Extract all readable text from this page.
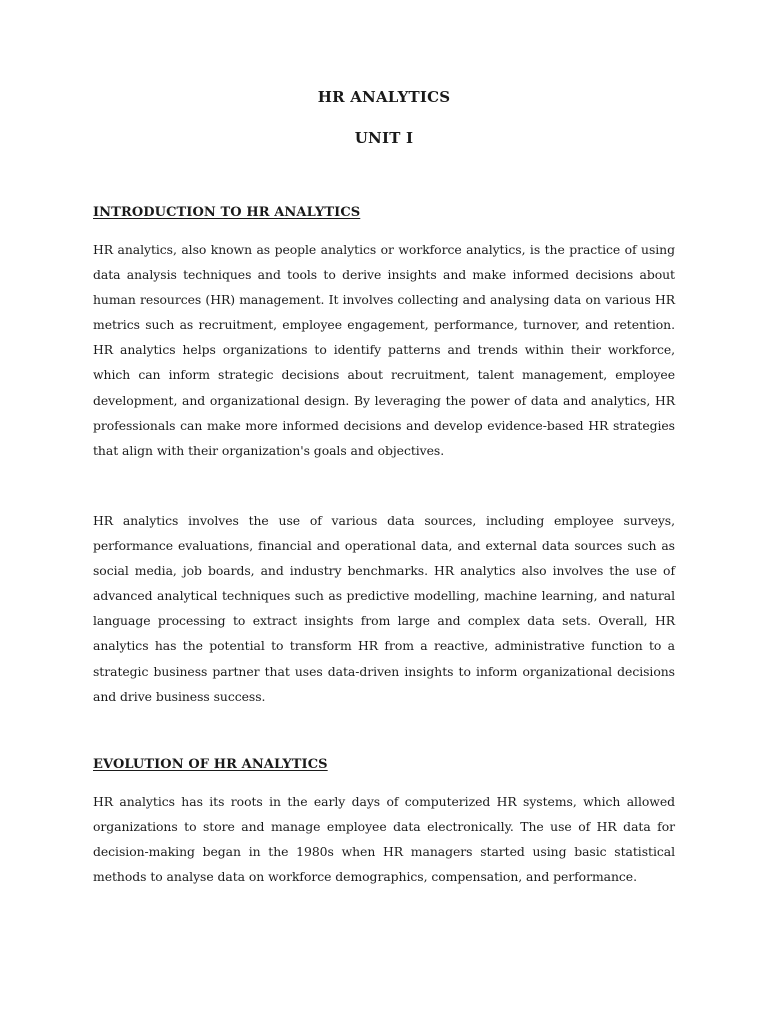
HR ANALYTICS
UNIT I
INTRODUCTION TO HR ANALYTICS

HR analytics, also known as people analytics or workforce analytics, is the practice of using data analysis techniques and tools to derive insights and make informed decisions about human resources (HR) management. It involves collecting and analysing data on various HR metrics such as recruitment, employee engagement, performance, turnover, and retention. HR analytics helps organizations to identify patterns and trends within their workforce, which can inform strategic decisions about recruitment, talent management, employee development, and organizational design. By leveraging the power of data and analytics, HR professionals can make more informed decisions and develop evidence-based HR strategies that align with their organization's goals and objectives.

HR analytics involves the use of various data sources, including employee surveys, performance evaluations, financial and operational data, and external data sources such as social media, job boards, and industry benchmarks. HR analytics also involves the use of advanced analytical techniques such as predictive modelling, machine learning, and natural language processing to extract insights from large and complex data sets. Overall, HR analytics has the potential to transform HR from a reactive, administrative function to a strategic business partner that uses data-driven insights to inform organizational decisions and drive business success.

EVOLUTION OF HR ANALYTICS

HR analytics has its roots in the early days of computerized HR systems, which allowed organizations to store and manage employee data electronically. The use of HR data for decision-making began in the 1980s when HR managers started using basic statistical methods to analyse data on workforce demographics, compensation, and performance.
